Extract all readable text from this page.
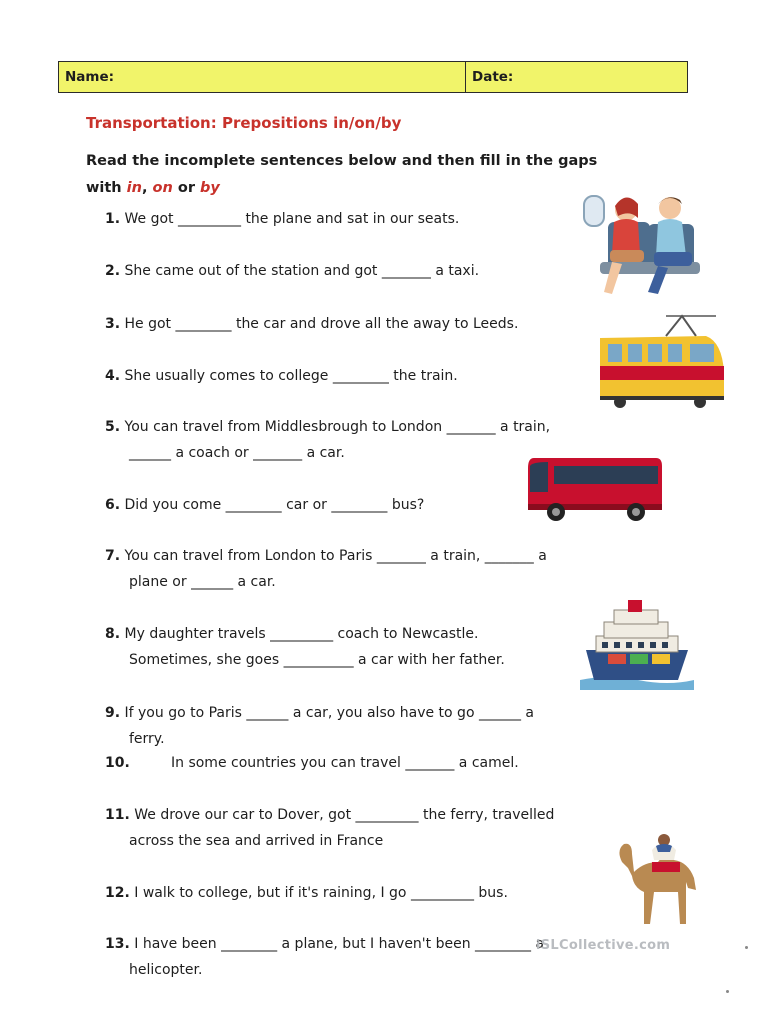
Name:	Date:
Transportation: Prepositions in/on/by
Read the incomplete sentences below and then fill in the gaps
with in, on or by
1. We got _________ the plane and sat in our seats.
2. She came out of the station and got _______ a taxi.
3. He got ________ the car and drove all the away to Leeds.
4. She usually comes to college ________ the train.
5. You can travel from Middlesbrough to London _______ a train,
______ a coach or _______ a car.
6. Did you come ________ car or ________ bus?
7. You can travel from London to Paris _______ a train, _______ a
plane or ______ a car.
8. My daughter travels _________ coach to Newcastle.
Sometimes, she goes __________ a car with her father.
9. If you go to Paris ______ a car, you also have to go ______ a
ferry.
10.	In some countries you can travel _______ a camel.
11. We drove our car to Dover, got _________ the ferry, travelled
across the sea and arrived in France
12. I walk to college, but if it's raining, I go _________ bus.
13. I have been ________ a plane, but I haven't been ________ a
helicopter.
iSLCollective.com
